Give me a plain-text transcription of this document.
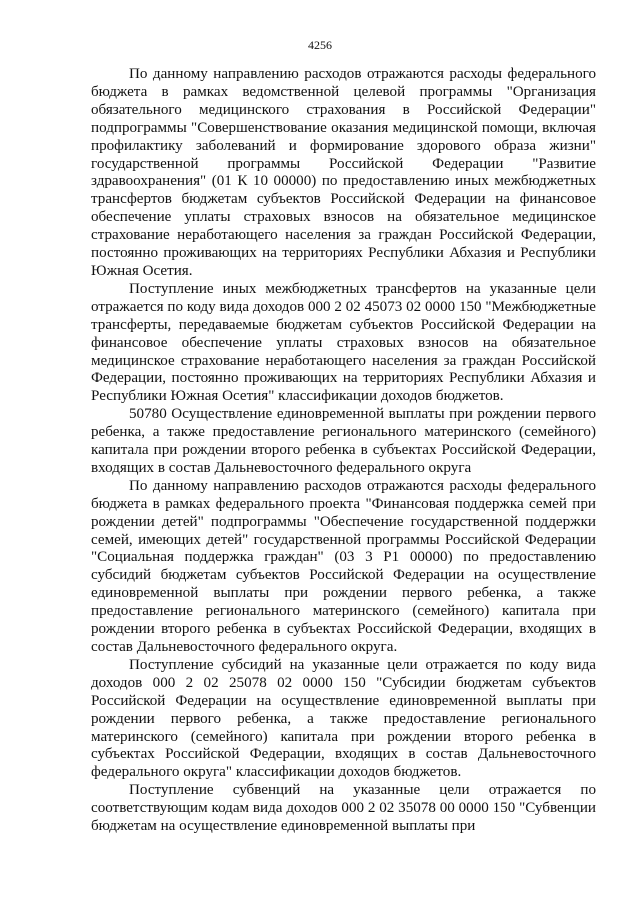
4256

По данному направлению расходов отражаются расходы федерального бюджета в рамках ведомственной целевой программы "Организация обязательного медицинского страхования в Российской Федерации" подпрограммы "Совершенствование оказания медицинской помощи, включая профилактику заболеваний и формирование здорового образа жизни" государственной программы Российской Федерации "Развитие здравоохранения" (01 К 10 00000) по предоставлению иных межбюджетных трансфертов бюджетам субъектов Российской Федерации на финансовое обеспечение уплаты страховых взносов на обязательное медицинское страхование неработающего населения за граждан Российской Федерации, постоянно проживающих на территориях Республики Абхазия и Республики Южная Осетия.

Поступление иных межбюджетных трансфертов на указанные цели отражается по коду вида доходов 000 2 02 45073 02 0000 150 "Межбюджетные трансферты, передаваемые бюджетам субъектов Российской Федерации на финансовое обеспечение уплаты страховых взносов на обязательное медицинское страхование неработающего населения за граждан Российской Федерации, постоянно проживающих на территориях Республики Абхазия и Республики Южная Осетия" классификации доходов бюджетов.

50780 Осуществление единовременной выплаты при рождении первого ребенка, а также предоставление регионального материнского (семейного) капитала при рождении второго ребенка в субъектах Российской Федерации, входящих в состав Дальневосточного федерального округа

По данному направлению расходов отражаются расходы федерального бюджета в рамках федерального проекта "Финансовая поддержка семей при рождении детей" подпрограммы "Обеспечение государственной поддержки семей, имеющих детей" государственной программы Российской Федерации "Социальная поддержка граждан" (03 3 P1 00000) по предоставлению субсидий бюджетам субъектов Российской Федерации на осуществление единовременной выплаты при рождении первого ребенка, а также предоставление регионального материнского (семейного) капитала при рождении второго ребенка в субъектах Российской Федерации, входящих в состав Дальневосточного федерального округа.

Поступление субсидий на указанные цели отражается по коду вида доходов 000 2 02 25078 02 0000 150 "Субсидии бюджетам субъектов Российской Федерации на осуществление единовременной выплаты при рождении первого ребенка, а также предоставление регионального материнского (семейного) капитала при рождении второго ребенка в субъектах Российской Федерации, входящих в состав Дальневосточного федерального округа" классификации доходов бюджетов.

Поступление субвенций на указанные цели отражается по соответствующим кодам вида доходов 000 2 02 35078 00 0000 150 "Субвенции бюджетам на осуществление единовременной выплаты при
